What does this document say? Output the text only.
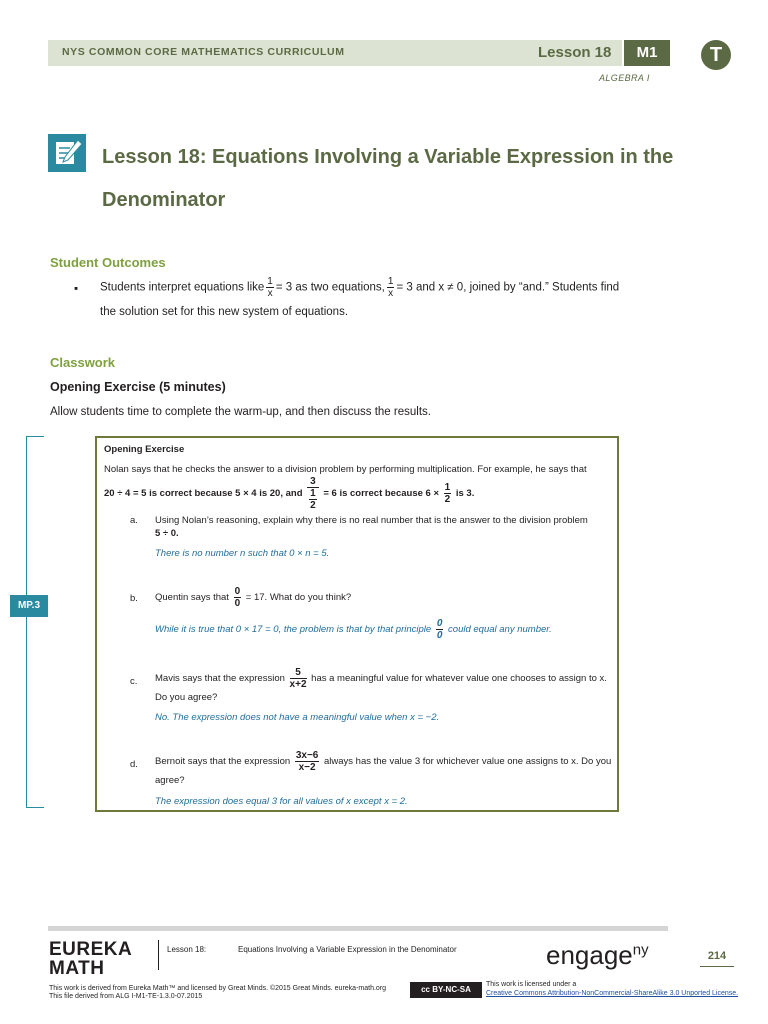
NYS COMMON CORE MATHEMATICS CURRICULUM	Lesson 18	M1	T
ALGEBRA I
Lesson 18: Equations Involving a Variable Expression in the
Denominator
Student Outcomes
▪ Students interpret equations like $\frac{1}{x} = 3$ as two equations, $\frac{1}{x} = 3$ and x ≠ 0, joined by “and.” Students find
the solution set for this new system of equations.
Classwork
Opening Exercise (5 minutes)
Allow students time to complete the warm-up, and then discuss the results.
MP.3
Opening Exercise
Nolan says that he checks the answer to a division problem by performing multiplication. For example, he says that
20 ÷ 4 = 5 is correct because 5 × 4 is 20, and $\frac{3}{\frac{1}{2}} = 6$ is correct because $6 \times \frac{1}{2}$ is 3.
a. Using Nolan’s reasoning, explain why there is no real number that is the answer to the division problem
5 ÷ 0.
There is no number n such that 0 × n = 5.
b. Quentin says that $\frac{0}{0} = 17$. What do you think?
While it is true that 0 × 17 = 0, the problem is that by that principle $\frac{0}{0}$ could equal any number.
c. Mavis says that the expression $\frac{5}{x+2}$ has a meaningful value for whatever value one chooses to assign to x.
Do you agree?
No. The expression does not have a meaningful value when x = −2.
d. Bernoit says that the expression $\frac{3x-6}{x-2}$ always has the value 3 for whichever value one assigns to x. Do you
agree?
The expression does equal 3 for all values of x except x = 2.
EUREKA
MATH
Lesson 18:	Equations Involving a Variable Expression in the Denominator	engage$^{ny}$	214
This work is derived from Eureka Math™ and licensed by Great Minds. ©2015 Great Minds. eureka-math.org
This file derived from ALG I-M1-TE-1.3.0-07.2015
cc BY-NC-SA
This work is licensed under a
Creative Commons Attribution-NonCommercial-ShareAlike 3.0 Unported License.
